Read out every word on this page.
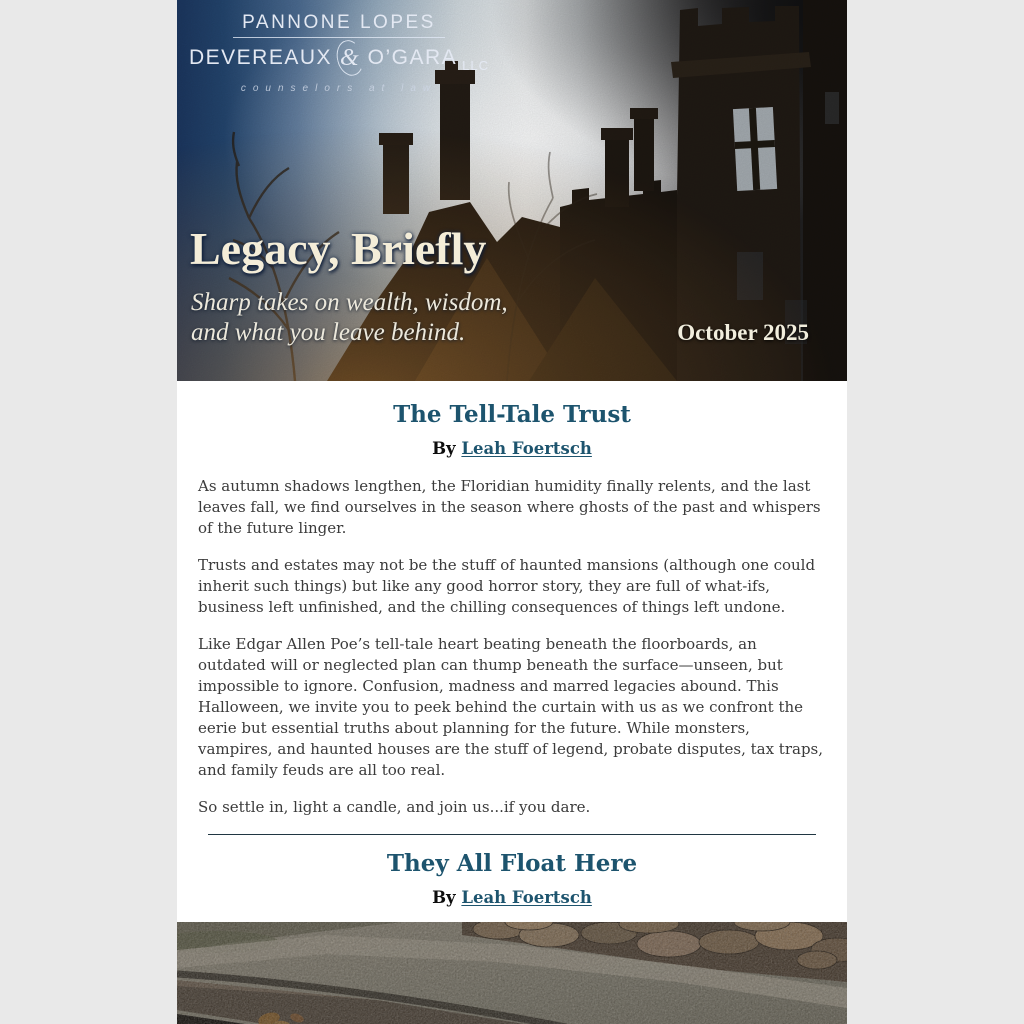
PANNONE LOPES
DEVEREAUX & O’GARA LLC
counselors at law
Legacy, Briefly
Sharp takes on wealth, wisdom,
and what you leave behind.	October 2025
The Tell-Tale Trust
By Leah Foertsch

As autumn shadows lengthen, the Floridian humidity finally relents, and the last leaves fall, we find ourselves in the season where ghosts of the past and whispers of the future linger.

Trusts and estates may not be the stuff of haunted mansions (although one could inherit such things) but like any good horror story, they are full of what-ifs, business left unfinished, and the chilling consequences of things left undone.

Like Edgar Allen Poe’s tell-tale heart beating beneath the floorboards, an outdated will or neglected plan can thump beneath the surface—unseen, but impossible to ignore. Confusion, madness and marred legacies abound. This Halloween, we invite you to peek behind the curtain with us as we confront the eerie but essential truths about planning for the future. While monsters, vampires, and haunted houses are the stuff of legend, probate disputes, tax traps, and family feuds are all too real.

So settle in, light a candle, and join us...if you dare.

They All Float Here
By Leah Foertsch
